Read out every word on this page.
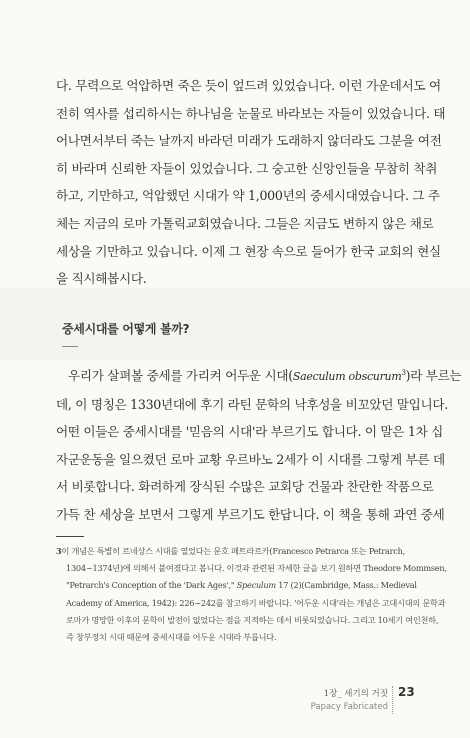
다. 무력으로 억압하면 죽은 듯이 엎드려 있었습니다. 이런 가운데서도 여
전히 역사를 섭리하시는 하나님을 눈물로 바라보는 자들이 있었습니다. 태
어나면서부터 죽는 날까지 바라던 미래가 도래하지 않더라도 그분을 여전
히 바라며 신뢰한 자들이 있었습니다. 그 숭고한 신앙인들을 무참히 착취
하고, 기만하고, 억압했던 시대가 약 1,000년의 중세시대였습니다. 그 주
체는 지금의 로마 가톨릭교회였습니다. 그들은 지금도 변하지 않은 채로
세상을 기만하고 있습니다. 이제 그 현장 속으로 들어가 한국 교회의 현실
을 직시해봅시다.
중세시대를 어떻게 볼까?
우리가 살펴볼 중세를 가리켜 어두운 시대(Saeculum obscurum$^3$)라 부르는
데, 이 명칭은 1330년대에 후기 라틴 문학의 낙후성을 비꼬았던 말입니다.
어떤 이들은 중세시대를 '믿음의 시대'라 부르기도 합니다. 이 말은 1차 십
자군운동을 일으켰던 로마 교황 우르바노 2세가 이 시대를 그렇게 부른 데
서 비롯합니다. 화려하게 장식된 수많은 교회당 건물과 찬란한 작품으로
가득 찬 세상을 보면서 그렇게 부르기도 한답니다. 이 책을 통해 과연 중세
3이 개념은 특별히 르네상스 시대를 열었다는 문호 페트라르카(Francesco Petrarca 또는 Petrarch,
1304~1374년)에 의해서 붙여졌다고 봅니다. 이것과 관련된 자세한 글을 보기 원하면 Theodore Mommsen,
"Petrarch's Conception of the 'Dark Ages'," Speculum 17 (2)(Cambridge, Mass.: Medieval
Academy of America, 1942): 226~242를 참고하기 바랍니다. '어두운 시대'라는 개념은 고대시대의 문학과
로마가 명망한 이후의 문학이 발전이 없었다는 점을 지적하는 데서 비롯되었습니다. 그리고 10세기 여인천하,
즉 창부정치 시대 때문에 중세시대를 어두운 시대라 부릅니다.
1장_ 세기의 거짓
Papacy Fabricated
23
